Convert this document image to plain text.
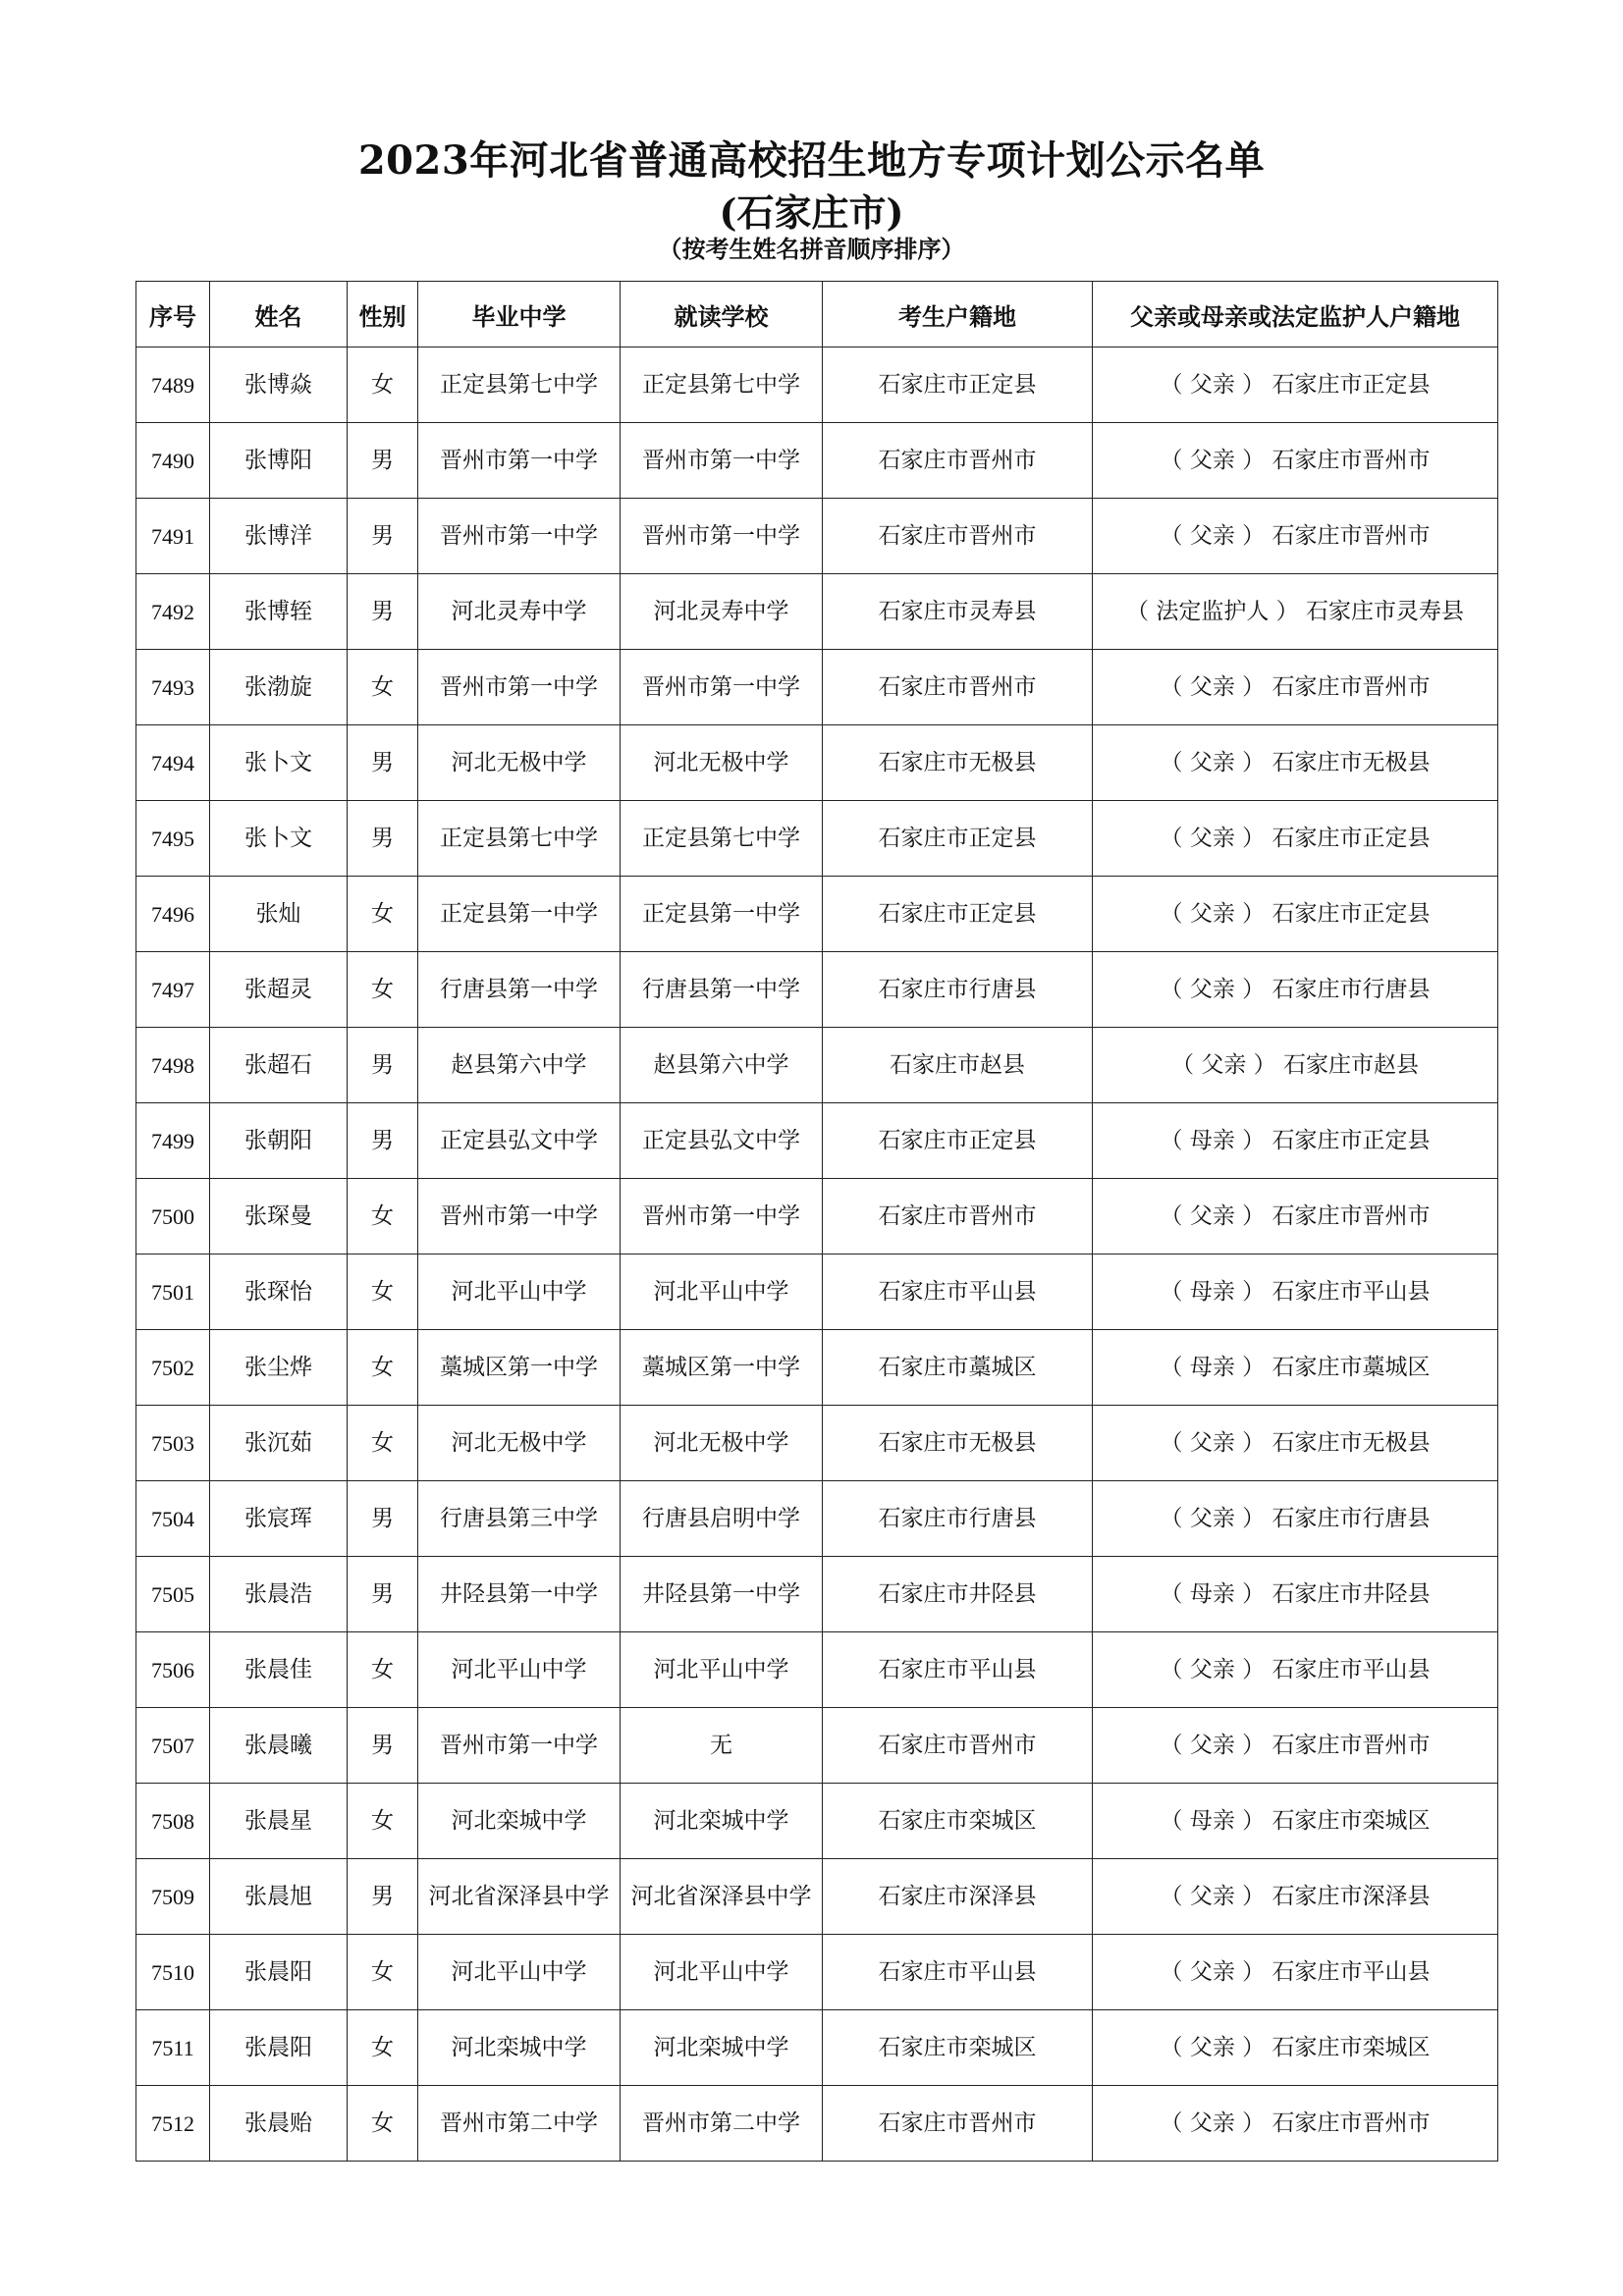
2023年河北省普通高校招生地方专项计划公示名单
(石家庄市)
（按考生姓名拼音顺序排序）
序号	姓名	性别	毕业中学	就读学校	考生户籍地	父亲或母亲或法定监护人户籍地
7489	张博焱	女	正定县第七中学	正定县第七中学	石家庄市正定县	（ 父亲 ） 石家庄市正定县
7490	张博阳	男	晋州市第一中学	晋州市第一中学	石家庄市晋州市	（ 父亲 ） 石家庄市晋州市
7491	张博洋	男	晋州市第一中学	晋州市第一中学	石家庄市晋州市	（ 父亲 ） 石家庄市晋州市
7492	张博轾	男	河北灵寿中学	河北灵寿中学	石家庄市灵寿县	（ 法定监护人 ） 石家庄市灵寿县
7493	张渤旋	女	晋州市第一中学	晋州市第一中学	石家庄市晋州市	（ 父亲 ） 石家庄市晋州市
7494	张卜文	男	河北无极中学	河北无极中学	石家庄市无极县	（ 父亲 ） 石家庄市无极县
7495	张卜文	男	正定县第七中学	正定县第七中学	石家庄市正定县	（ 父亲 ） 石家庄市正定县
7496	张灿	女	正定县第一中学	正定县第一中学	石家庄市正定县	（ 父亲 ） 石家庄市正定县
7497	张超灵	女	行唐县第一中学	行唐县第一中学	石家庄市行唐县	（ 父亲 ） 石家庄市行唐县
7498	张超石	男	赵县第六中学	赵县第六中学	石家庄市赵县	（ 父亲 ） 石家庄市赵县
7499	张朝阳	男	正定县弘文中学	正定县弘文中学	石家庄市正定县	（ 母亲 ） 石家庄市正定县
7500	张琛曼	女	晋州市第一中学	晋州市第一中学	石家庄市晋州市	（ 父亲 ） 石家庄市晋州市
7501	张琛怡	女	河北平山中学	河北平山中学	石家庄市平山县	（ 母亲 ） 石家庄市平山县
7502	张尘烨	女	藁城区第一中学	藁城区第一中学	石家庄市藁城区	（ 母亲 ） 石家庄市藁城区
7503	张沉茹	女	河北无极中学	河北无极中学	石家庄市无极县	（ 父亲 ） 石家庄市无极县
7504	张宸珲	男	行唐县第三中学	行唐县启明中学	石家庄市行唐县	（ 父亲 ） 石家庄市行唐县
7505	张晨浩	男	井陉县第一中学	井陉县第一中学	石家庄市井陉县	（ 母亲 ） 石家庄市井陉县
7506	张晨佳	女	河北平山中学	河北平山中学	石家庄市平山县	（ 父亲 ） 石家庄市平山县
7507	张晨曦	男	晋州市第一中学	无	石家庄市晋州市	（ 父亲 ） 石家庄市晋州市
7508	张晨星	女	河北栾城中学	河北栾城中学	石家庄市栾城区	（ 母亲 ） 石家庄市栾城区
7509	张晨旭	男	河北省深泽县中学	河北省深泽县中学	石家庄市深泽县	（ 父亲 ） 石家庄市深泽县
7510	张晨阳	女	河北平山中学	河北平山中学	石家庄市平山县	（ 父亲 ） 石家庄市平山县
7511	张晨阳	女	河北栾城中学	河北栾城中学	石家庄市栾城区	（ 父亲 ） 石家庄市栾城区
7512	张晨贻	女	晋州市第二中学	晋州市第二中学	石家庄市晋州市	（ 父亲 ） 石家庄市晋州市
